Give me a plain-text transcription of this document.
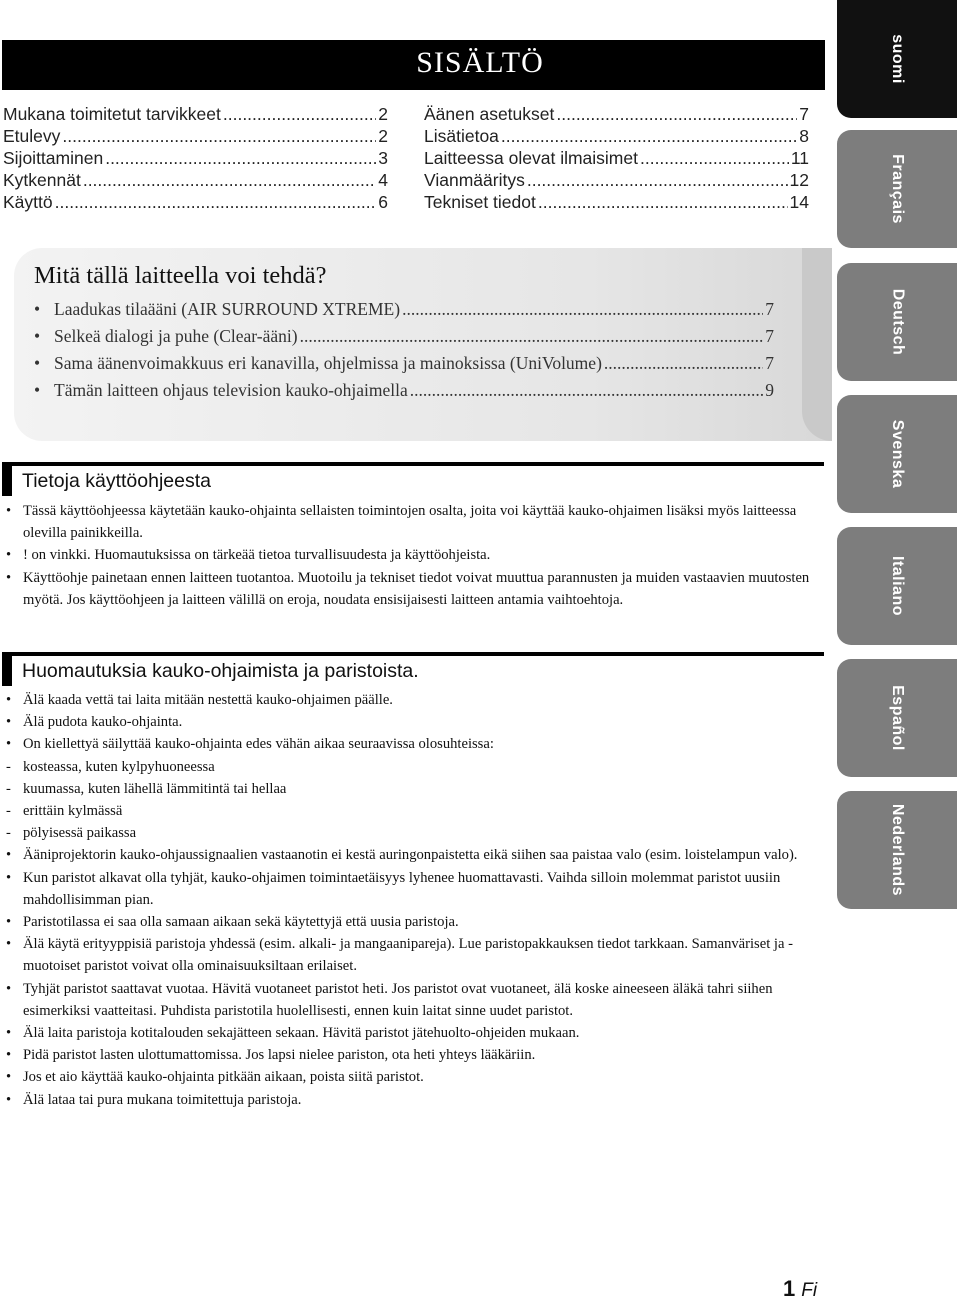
SISÄLTÖ
Mukana toimitetut tarvikkeet .....	2
Etulevy .....	2
Sijoittaminen .....	3
Kytkennät .....	4
Käyttö .....	6
Äänen asetukset .....	7
Lisätietoa .....	8
Laitteessa olevat ilmaisimet .....	11
Vianmääritys .....	12
Tekniset tiedot .....	14
Mitä tällä laitteella voi tehdä?
• Laadukas tilaääni (AIR SURROUND XTREME) .....	7
• Selkeä dialogi ja puhe (Clear-ääni) .....	7
• Sama äänenvoimakkuus eri kanavilla, ohjelmissa ja mainoksissa (UniVolume) .....	7
• Tämän laitteen ohjaus television kauko-ohjaimella .....	9
Tietoja käyttöohjeesta
• Tässä käyttöohjeessa käytetään kauko-ohjainta sellaisten toimintojen osalta, joita voi käyttää kauko-ohjaimen lisäksi myös laitteessa olevilla painikkeilla.
• ! on vinkki. Huomautuksissa on tärkeää tietoa turvallisuudesta ja käyttöohjeista.
• Käyttöohje painetaan ennen laitteen tuotantoa. Muotoilu ja tekniset tiedot voivat muuttua parannusten ja muiden vastaavien muutosten myötä. Jos käyttöohjeen ja laitteen välillä on eroja, noudata ensisijaisesti laitteen antamia vaihtoehtoja.
Huomautuksia kauko-ohjaimista ja paristoista.
• Älä kaada vettä tai laita mitään nestettä kauko-ohjaimen päälle.
• Älä pudota kauko-ohjainta.
• On kiellettyä säilyttää kauko-ohjainta edes vähän aikaa seuraavissa olosuhteissa:
- kosteassa, kuten kylpyhuoneessa
- kuumassa, kuten lähellä lämmitintä tai hellaa
- erittäin kylmässä
- pölyisessä paikassa
• Ääniprojektorin kauko-ohjaussignaalien vastaanotin ei kestä auringonpaistetta eikä siihen saa paistaa valo (esim. loistelampun valo).
• Kun paristot alkavat olla tyhjät, kauko-ohjaimen toimintaetäisyys lyhenee huomattavasti. Vaihda silloin molemmat paristot uusiin mahdollisimman pian.
• Paristotilassa ei saa olla samaan aikaan sekä käytettyjä että uusia paristoja.
• Älä käytä erityyppisiä paristoja yhdessä (esim. alkali- ja mangaanipareja). Lue paristopakkauksen tiedot tarkkaan. Samanväriset ja -muotoiset paristot voivat olla ominaisuuksiltaan erilaiset.
• Tyhjät paristot saattavat vuotaa. Hävitä vuotaneet paristot heti. Jos paristot ovat vuotaneet, älä koske aineeseen äläkä tahri siihen esimerkiksi vaatteitasi. Puhdista paristotila huolellisesti, ennen kuin laitat sinne uudet paristot.
• Älä laita paristoja kotitalouden sekajätteen sekaan. Hävitä paristot jätehuolto-ohjeiden mukaan.
• Pidä paristot lasten ulottumattomissa. Jos lapsi nielee pariston, ota heti yhteys lääkäriin.
• Jos et aio käyttää kauko-ohjainta pitkään aikaan, poista siitä paristot.
• Älä lataa tai pura mukana toimitettuja paristoja.
suomi
Français
Deutsch
Svenska
Italiano
Español
Nederlands
1 Fi
